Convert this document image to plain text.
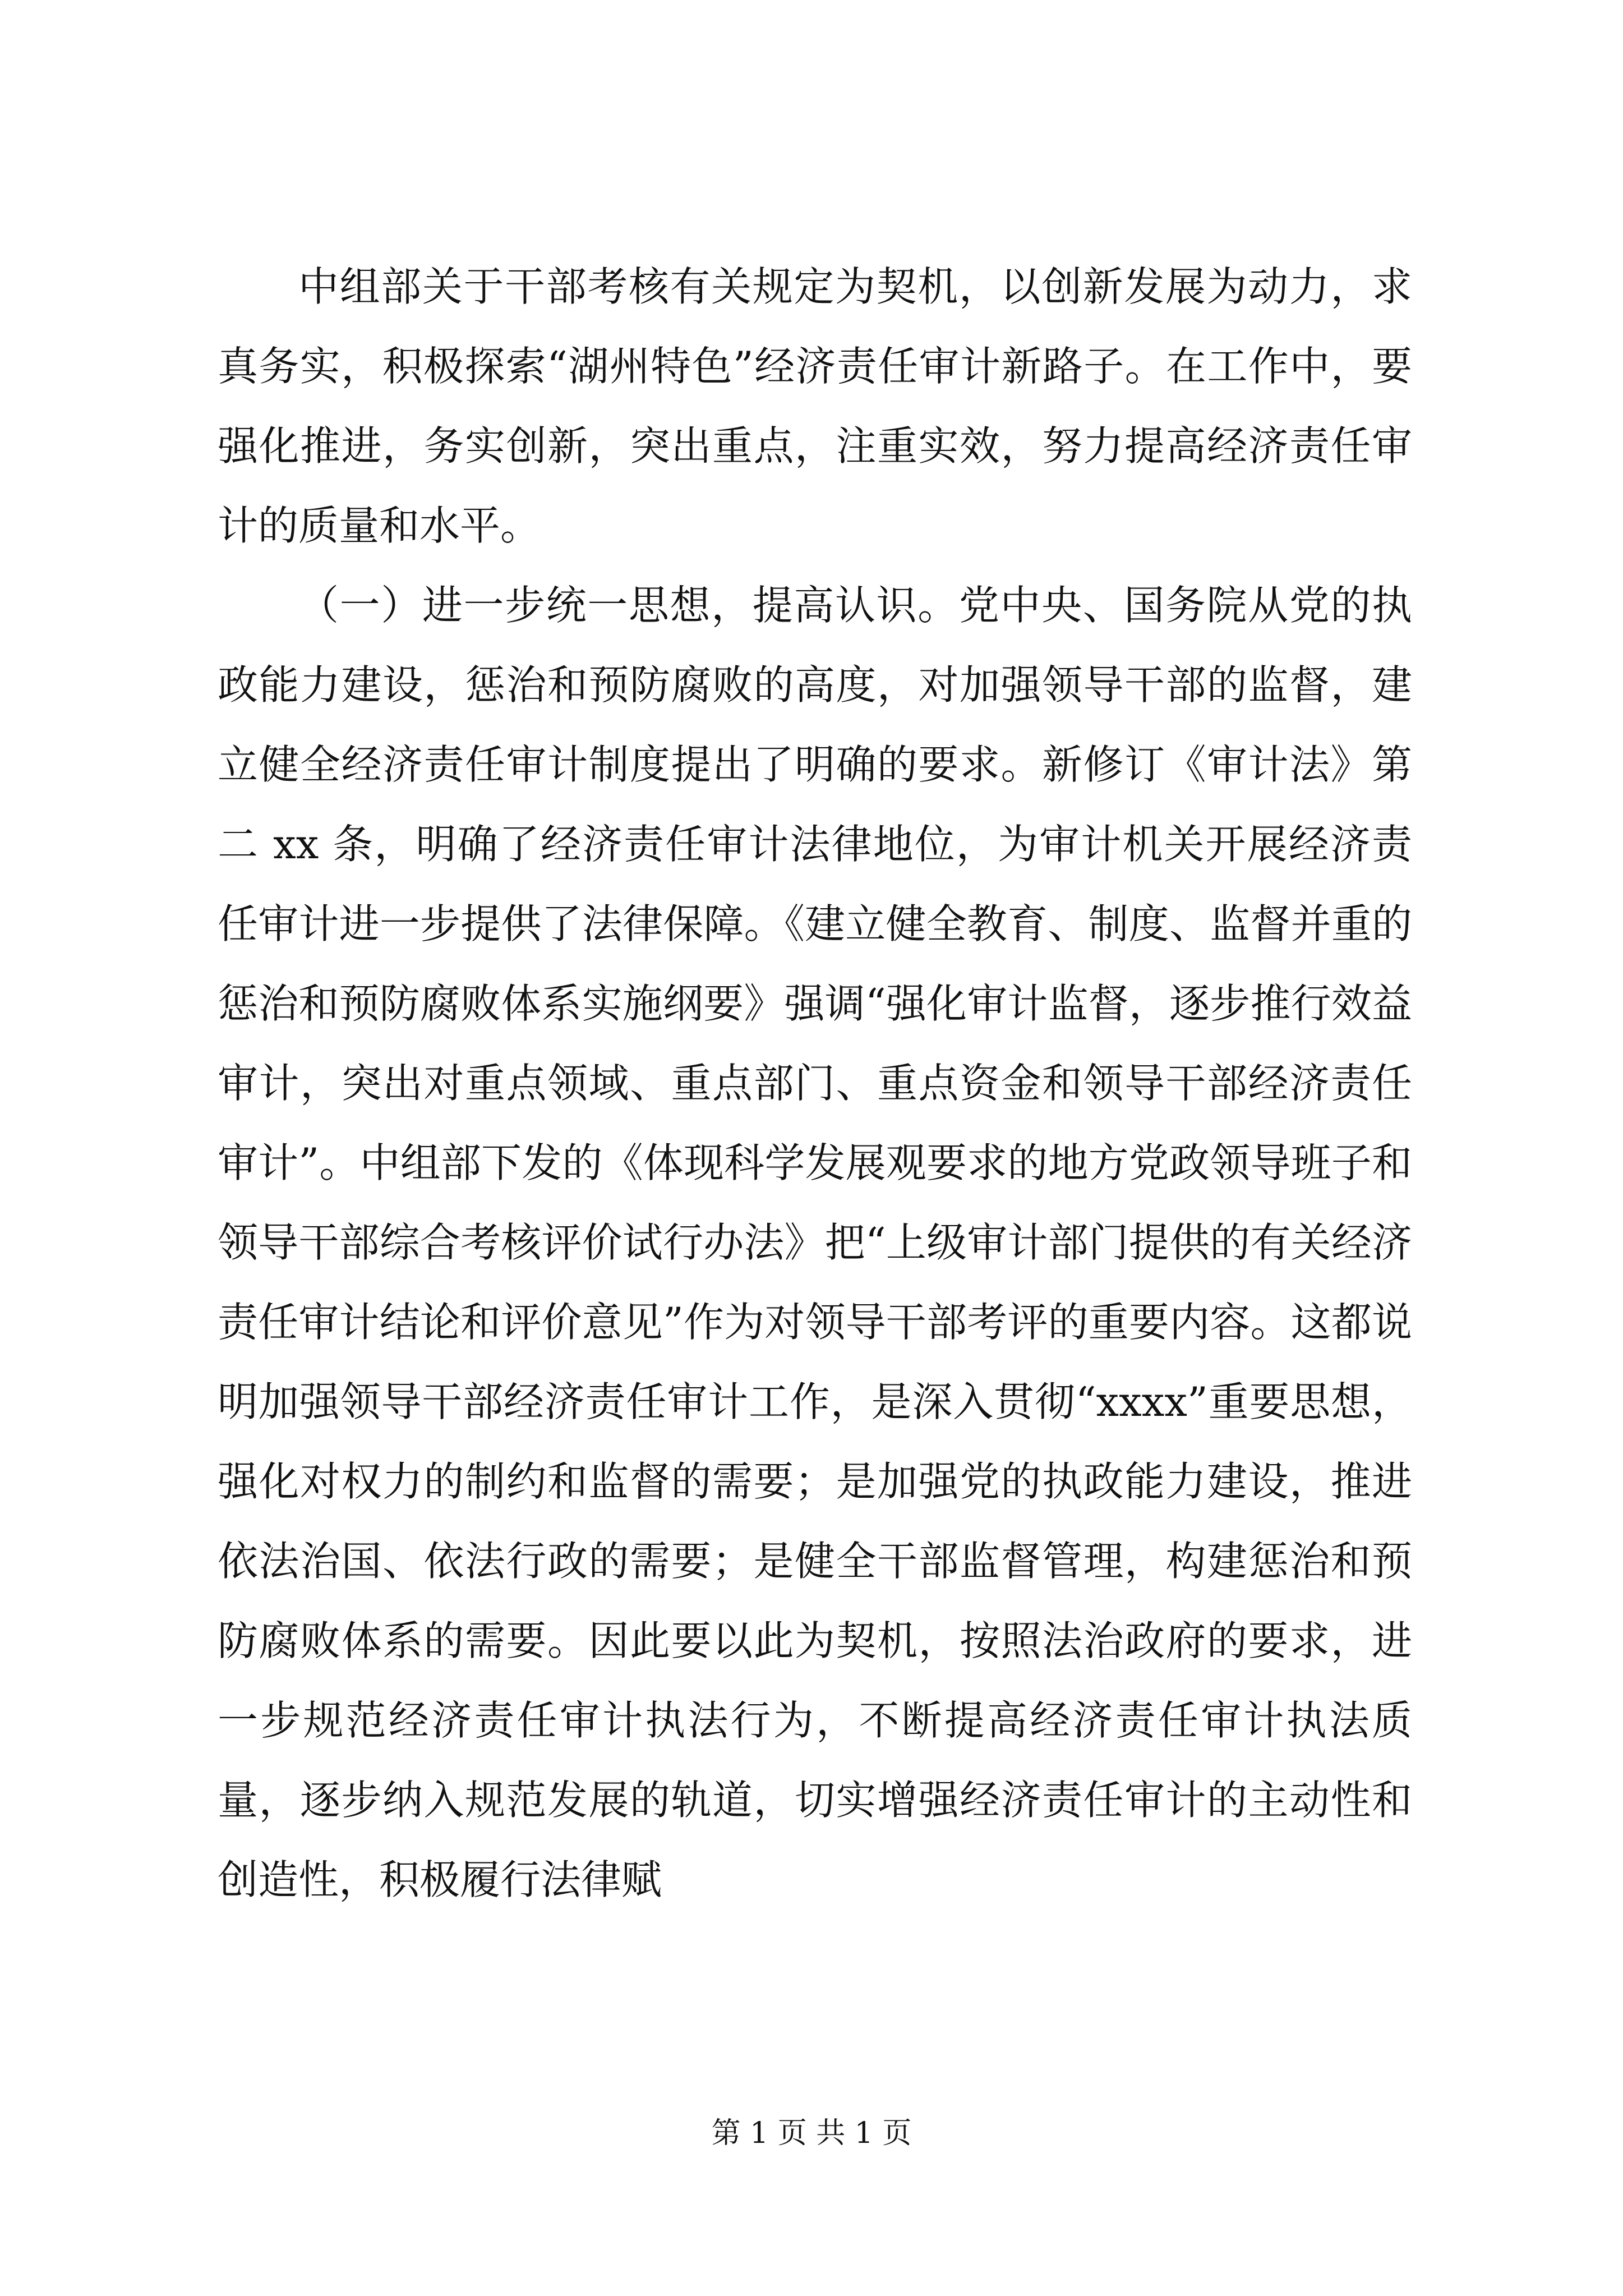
中组部关于干部考核有关规定为契机，以创新发展为动力，求真务实，积极探索“湖州特色”经济责任审计新路子。在工作中，要强化推进，务实创新，突出重点，注重实效，努力提高经济责任审计的质量和水平。

（一）进一步统一思想，提高认识。党中央、国务院从党的执政能力建设，惩治和预防腐败的高度，对加强领导干部的监督，建立健全经济责任审计制度提出了明确的要求。新修订《审计法》第二 xx 条，明确了经济责任审计法律地位，为审计机关开展经济责任审计进一步提供了法律保障。《建立健全教育、制度、监督并重的惩治和预防腐败体系实施纲要》强调“强化审计监督，逐步推行效益审计，突出对重点领域、重点部门、重点资金和领导干部经济责任审计”。中组部下发的《体现科学发展观要求的地方党政领导班子和领导干部综合考核评价试行办法》把“上级审计部门提供的有关经济责任审计结论和评价意见”作为对领导干部考评的重要内容。这都说明加强领导干部经济责任审计工作，是深入贯彻“xxxx”重要思想，强化对权力的制约和监督的需要；是加强党的执政能力建设，推进依法治国、依法行政的需要；是健全干部监督管理，构建惩治和预防腐败体系的需要。因此要以此为契机，按照法治政府的要求，进一步规范经济责任审计执法行为，不断提高经济责任审计执法质量，逐步纳入规范发展的轨道，切实增强经济责任审计的主动性和创造性，积极履行法律赋

第 1 页 共 1 页
